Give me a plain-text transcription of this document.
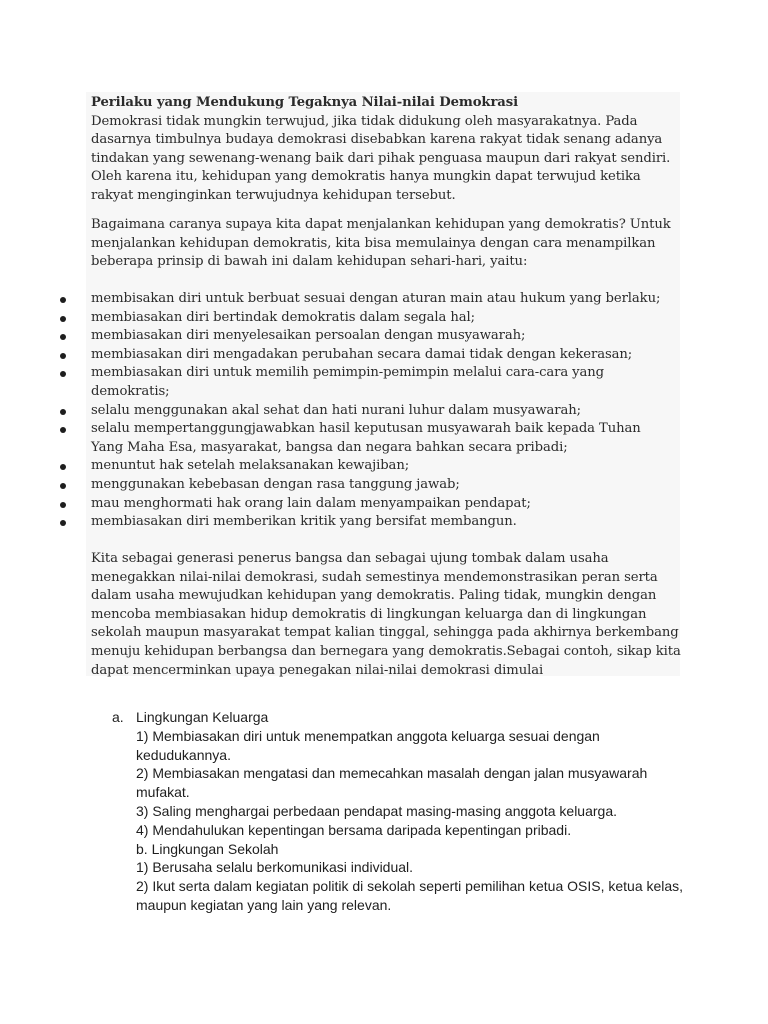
Perilaku yang Mendukung Tegaknya Nilai-nilai Demokrasi

Demokrasi tidak mungkin terwujud, jika tidak didukung oleh masyarakatnya. Pada dasarnya timbulnya budaya demokrasi disebabkan karena rakyat tidak senang adanya tindakan yang sewenang-wenang baik dari pihak penguasa maupun dari rakyat sendiri. Oleh karena itu, kehidupan yang demokratis hanya mungkin dapat terwujud ketika rakyat menginginkan terwujudnya kehidupan tersebut.

Bagaimana caranya supaya kita dapat menjalankan kehidupan yang demokratis? Untuk menjalankan kehidupan demokratis, kita bisa memulainya dengan cara menampilkan beberapa prinsip di bawah ini dalam kehidupan sehari-hari, yaitu:

membisakan diri untuk berbuat sesuai dengan aturan main atau hukum yang berlaku;
membiasakan diri bertindak demokratis dalam segala hal;
membiasakan diri menyelesaikan persoalan dengan musyawarah;
membiasakan diri mengadakan perubahan secara damai tidak dengan kekerasan;
membiasakan diri untuk memilih pemimpin-pemimpin melalui cara-cara yang demokratis;
selalu menggunakan akal sehat dan hati nurani luhur dalam musyawarah;
selalu mempertanggungjawabkan hasil keputusan musyawarah baik kepada Tuhan Yang Maha Esa, masyarakat, bangsa dan negara bahkan secara pribadi;
menuntut hak setelah melaksanakan kewajiban;
menggunakan kebebasan dengan rasa tanggung jawab;
mau menghormati hak orang lain dalam menyampaikan pendapat;
membiasakan diri memberikan kritik yang bersifat membangun.

Kita sebagai generasi penerus bangsa dan sebagai ujung tombak dalam usaha menegakkan nilai-nilai demokrasi, sudah semestinya mendemonstrasikan peran serta dalam usaha mewujudkan kehidupan yang demokratis. Paling tidak, mungkin dengan mencoba membiasakan hidup demokratis di lingkungan keluarga dan di lingkungan sekolah maupun masyarakat tempat kalian tinggal, sehingga pada akhirnya berkembang menuju kehidupan berbangsa dan bernegara yang demokratis.Sebagai contoh, sikap kita dapat mencerminkan upaya penegakan nilai-nilai demokrasi dimulai

a. Lingkungan Keluarga
1) Membiasakan diri untuk menempatkan anggota keluarga sesuai dengan kedudukannya.
2) Membiasakan mengatasi dan memecahkan masalah dengan jalan musyawarah mufakat.
3) Saling menghargai perbedaan pendapat masing-masing anggota keluarga.
4) Mendahulukan kepentingan bersama daripada kepentingan pribadi.
b. Lingkungan Sekolah
1) Berusaha selalu berkomunikasi individual.
2) Ikut serta dalam kegiatan politik di sekolah seperti pemilihan ketua OSIS, ketua kelas, maupun kegiatan yang lain yang relevan.
